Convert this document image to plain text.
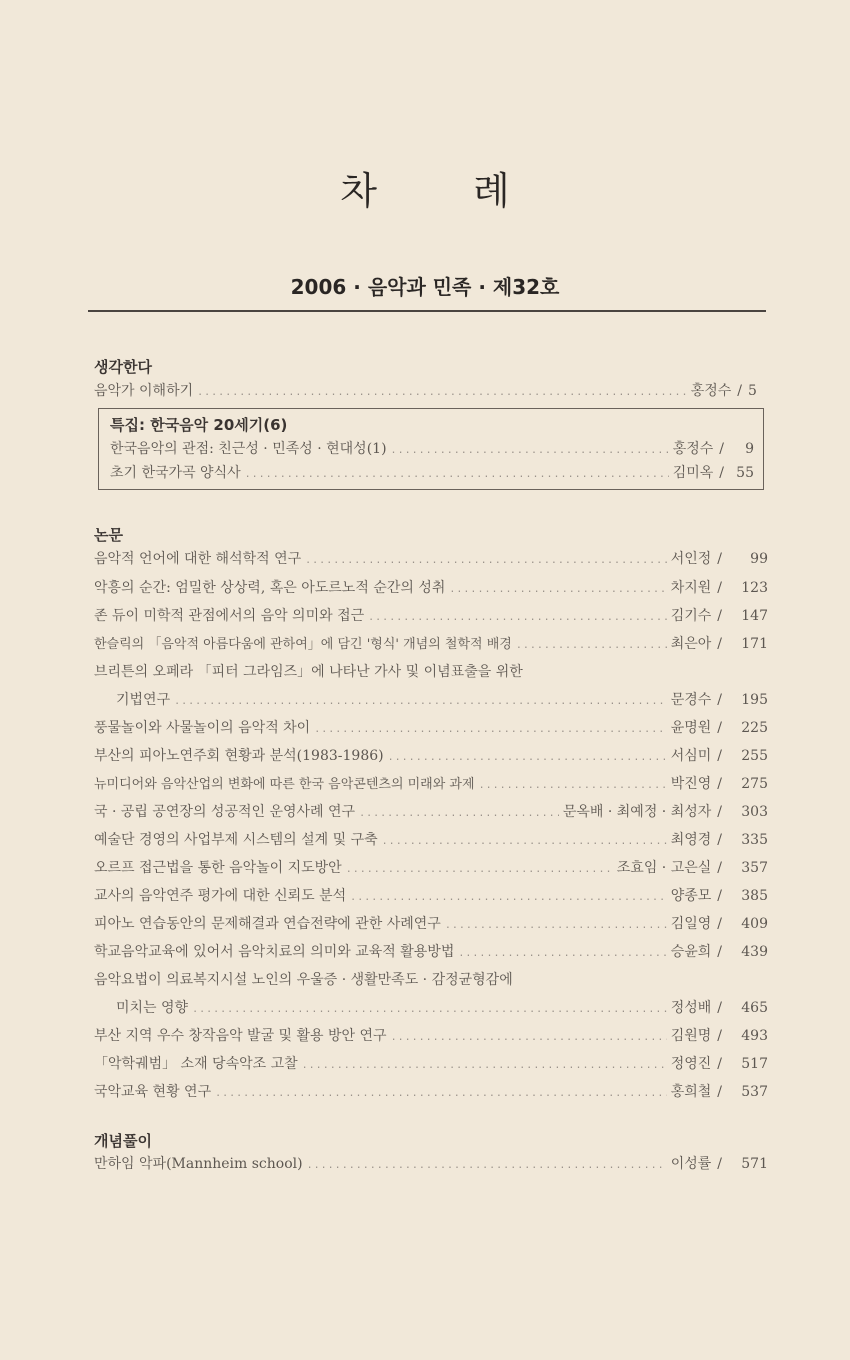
차	례
2006 · 음악과 민족 · 제32호
생각한다
음악가 이해하기 .....	홍정수 / 5
특집: 한국음악 20세기(6)
한국음악의 관점: 친근성 · 민족성 · 현대성(1) .....	홍정수 /	9
초기 한국가곡 양식사 .....	김미옥 / 55
논문
음악적 언어에 대한 해석학적 연구 .....	서인정 /	99
악흥의 순간: 엄밀한 상상력, 혹은 아도르노적 순간의 성취 .....	차지원 /	123
존 듀이 미학적 관점에서의 음악 의미와 접근 .....	김기수 /	147
한슬릭의 「음악적 아름다움에 관하여」에 담긴 '형식' 개념의 철학적 배경 .....	최은아 /	171
브리튼의 오페라 「피터 그라임즈」에 나타난 가사 및 이념표출을 위한
기법연구 .....	문경수 /	195
풍물놀이와 사물놀이의 음악적 차이 .....	윤명원 /	225
부산의 피아노연주회 현황과 분석(1983-1986) .....	서심미 /	255
뉴미디어와 음악산업의 변화에 따른 한국 음악콘텐츠의 미래와 과제 .....	박진영 /	275
국 · 공립 공연장의 성공적인 운영사례 연구 .....	문옥배 · 최예정 · 최성자 /	303
예술단 경영의 사업부제 시스템의 설계 및 구축 .....	최영경 /	335
오르프 접근법을 통한 음악놀이 지도방안 .....	조효임 · 고은실 /	357
교사의 음악연주 평가에 대한 신뢰도 분석 .....	양종모 /	385
피아노 연습동안의 문제해결과 연습전략에 관한 사례연구 .....	김일영 /	409
학교음악교육에 있어서 음악치료의 의미와 교육적 활용방법 .....	승윤희 /	439
음악요법이 의료복지시설 노인의 우울증 · 생활만족도 · 감정균형감에
미치는 영향 .....	정성배 /	465
부산 지역 우수 창작음악 발굴 및 활용 방안 연구 .....	김원명 /	493
「악학궤범」 소재 당속악조 고찰 .....	정영진 /	517
국악교육 현황 연구 .....	홍희철 /	537
개념풀이
만하임 악파(Mannheim school) .....	이성률 /	571
